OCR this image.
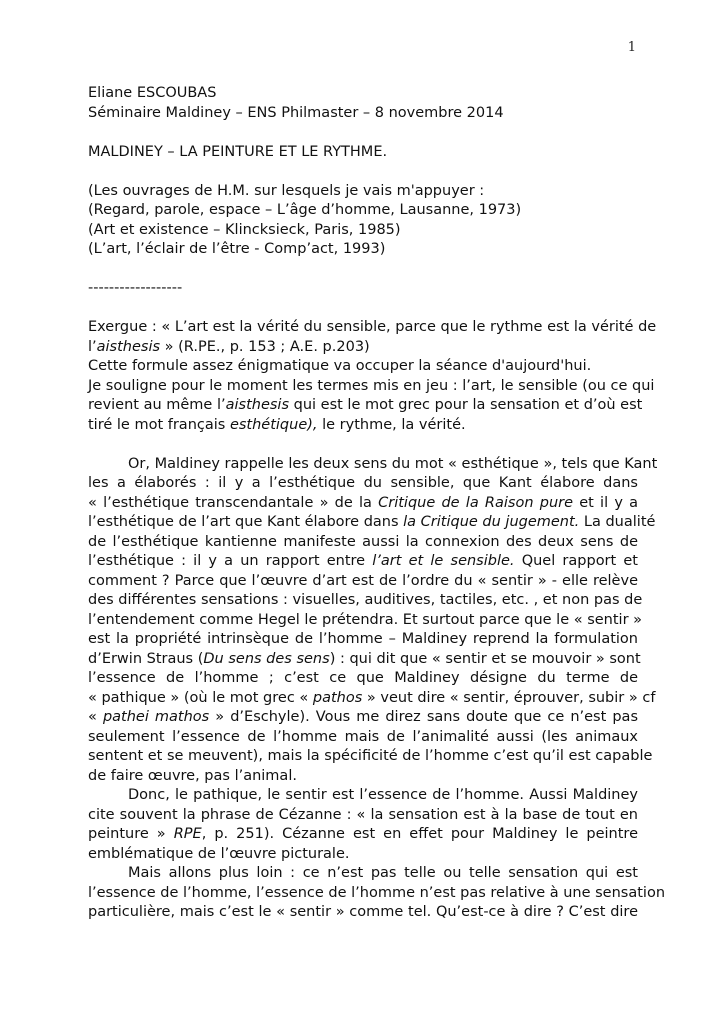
1
Eliane ESCOUBAS
Séminaire Maldiney – ENS Philmaster – 8 novembre 2014
MALDINEY – LA PEINTURE ET LE RYTHME.
(Les ouvrages de H.M. sur lesquels je vais m'appuyer :
(Regard, parole, espace – L’âge d’homme, Lausanne, 1973)
(Art et existence – Klincksieck, Paris, 1985)
(L’art, l’éclair de l’être - Comp’act, 1993)
------------------
Exergue : « L’art est la vérité du sensible, parce que le rythme est la vérité de
l’aisthesis » (R.PE., p. 153 ; A.E. p.203)
Cette formule assez énigmatique va occuper la séance d'aujourd'hui.
Je souligne pour le moment les termes mis en jeu : l’art, le sensible (ou ce qui
revient au même l’aisthesis qui est le mot grec pour la sensation et d’où est
tiré le mot français esthétique), le rythme, la vérité.
Or, Maldiney rappelle les deux sens du mot « esthétique », tels que Kant
les a élaborés : il y a l’esthétique du sensible, que Kant élabore dans
« l’esthétique transcendantale » de la Critique de la Raison pure et il y a
l’esthétique de l’art que Kant élabore dans la Critique du jugement. La dualité
de l’esthétique kantienne manifeste aussi la connexion des deux sens de
l’esthétique : il y a un rapport entre l’art et le sensible. Quel rapport et
comment ? Parce que l’œuvre d’art est de l’ordre du « sentir » - elle relève
des différentes sensations : visuelles, auditives, tactiles, etc. , et non pas de
l’entendement comme Hegel le prétendra. Et surtout parce que le « sentir »
est la propriété intrinsèque de l’homme – Maldiney reprend la formulation
d’Erwin Straus (Du sens des sens) : qui dit que « sentir et se mouvoir » sont
l’essence de l’homme ; c’est ce que Maldiney désigne du terme de
« pathique » (où le mot grec « pathos » veut dire « sentir, éprouver, subir » cf
« pathei mathos » d’Eschyle). Vous me direz sans doute que ce n’est pas
seulement l’essence de l’homme mais de l’animalité aussi (les animaux
sentent et se meuvent), mais la spécificité de l’homme c’est qu’il est capable
de faire œuvre, pas l’animal.
Donc, le pathique, le sentir est l’essence de l’homme. Aussi Maldiney
cite souvent la phrase de Cézanne : « la sensation est à la base de tout en
peinture » RPE, p. 251). Cézanne est en effet pour Maldiney le peintre
emblématique de l’œuvre picturale.
Mais allons plus loin : ce n’est pas telle ou telle sensation qui est
l’essence de l’homme, l’essence de l’homme n’est pas relative à une sensation
particulière, mais c’est le « sentir » comme tel. Qu’est-ce à dire ? C’est dire
